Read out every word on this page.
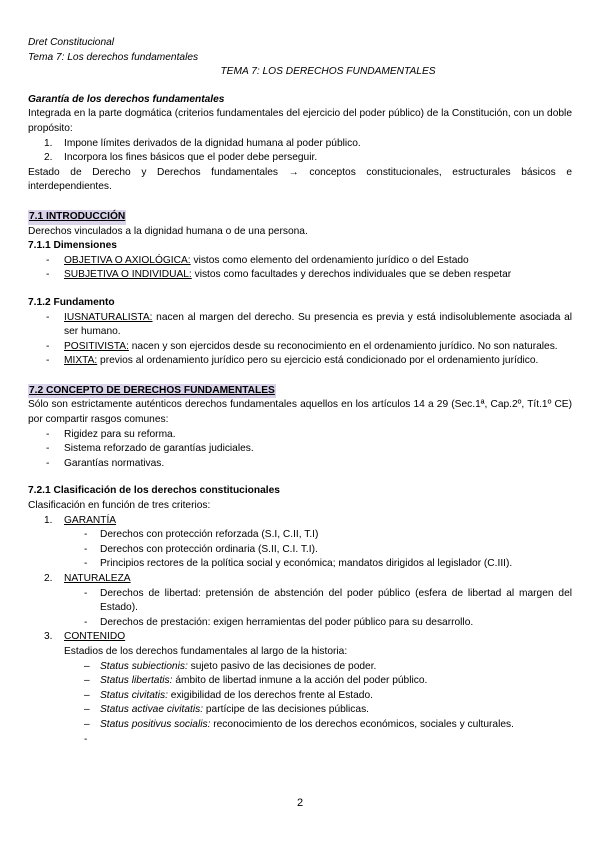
Dret Constitucional
Tema 7: Los derechos fundamentales
TEMA 7: LOS DERECHOS FUNDAMENTALES
Garantía de los derechos fundamentales
Integrada en la parte dogmática (criterios fundamentales del ejercicio del poder público) de la Constitución, con un doble propósito:
1. Impone límites derivados de la dignidad humana al poder público.
2. Incorpora los fines básicos que el poder debe perseguir.
Estado de Derecho y Derechos fundamentales → conceptos constitucionales, estructurales básicos e interdependientes.
7.1 INTRODUCCIÓN
Derechos vinculados a la dignidad humana o de una persona.
7.1.1 Dimensiones
- OBJETIVA O AXIOLÓGICA: vistos como elemento del ordenamiento jurídico o del Estado
- SUBJETIVA O INDIVIDUAL: vistos como facultades y derechos individuales que se deben respetar
7.1.2 Fundamento
- IUSNATURALISTA: nacen al margen del derecho. Su presencia es previa y está indisolublemente asociada al ser humano.
- POSITIVISTA: nacen y son ejercidos desde su reconocimiento en el ordenamiento jurídico. No son naturales.
- MIXTA: previos al ordenamiento jurídico pero su ejercicio está condicionado por el ordenamiento jurídico.
7.2 CONCEPTO DE DERECHOS FUNDAMENTALES
Sólo son estrictamente auténticos derechos fundamentales aquellos en los artículos 14 a 29 (Sec.1ª, Cap.2º, Tít.1º CE) por compartir rasgos comunes:
- Rigidez para su reforma.
- Sistema reforzado de garantías judiciales.
- Garantías normativas.
7.2.1 Clasificación de los derechos constitucionales
Clasificación en función de tres criterios:
1. GARANTÍA
- Derechos con protección reforzada (S.I, C.II, T.I)
- Derechos con protección ordinaria (S.II, C.I. T.I).
- Principios rectores de la política social y económica; mandatos dirigidos al legislador (C.III).
2. NATURALEZA
- Derechos de libertad: pretensión de abstención del poder público (esfera de libertad al margen del Estado).
- Derechos de prestación: exigen herramientas del poder público para su desarrollo.
3. CONTENIDO
Estadios de los derechos fundamentales al largo de la historia:
– Status subiectionis: sujeto pasivo de las decisiones de poder.
– Status libertatis: ámbito de libertad inmune a la acción del poder público.
– Status civitatis: exigibilidad de los derechos frente al Estado.
– Status activae civitatis: partícipe de las decisiones públicas.
– Status positivus socialis: reconocimiento de los derechos económicos, sociales y culturales.
-

2
